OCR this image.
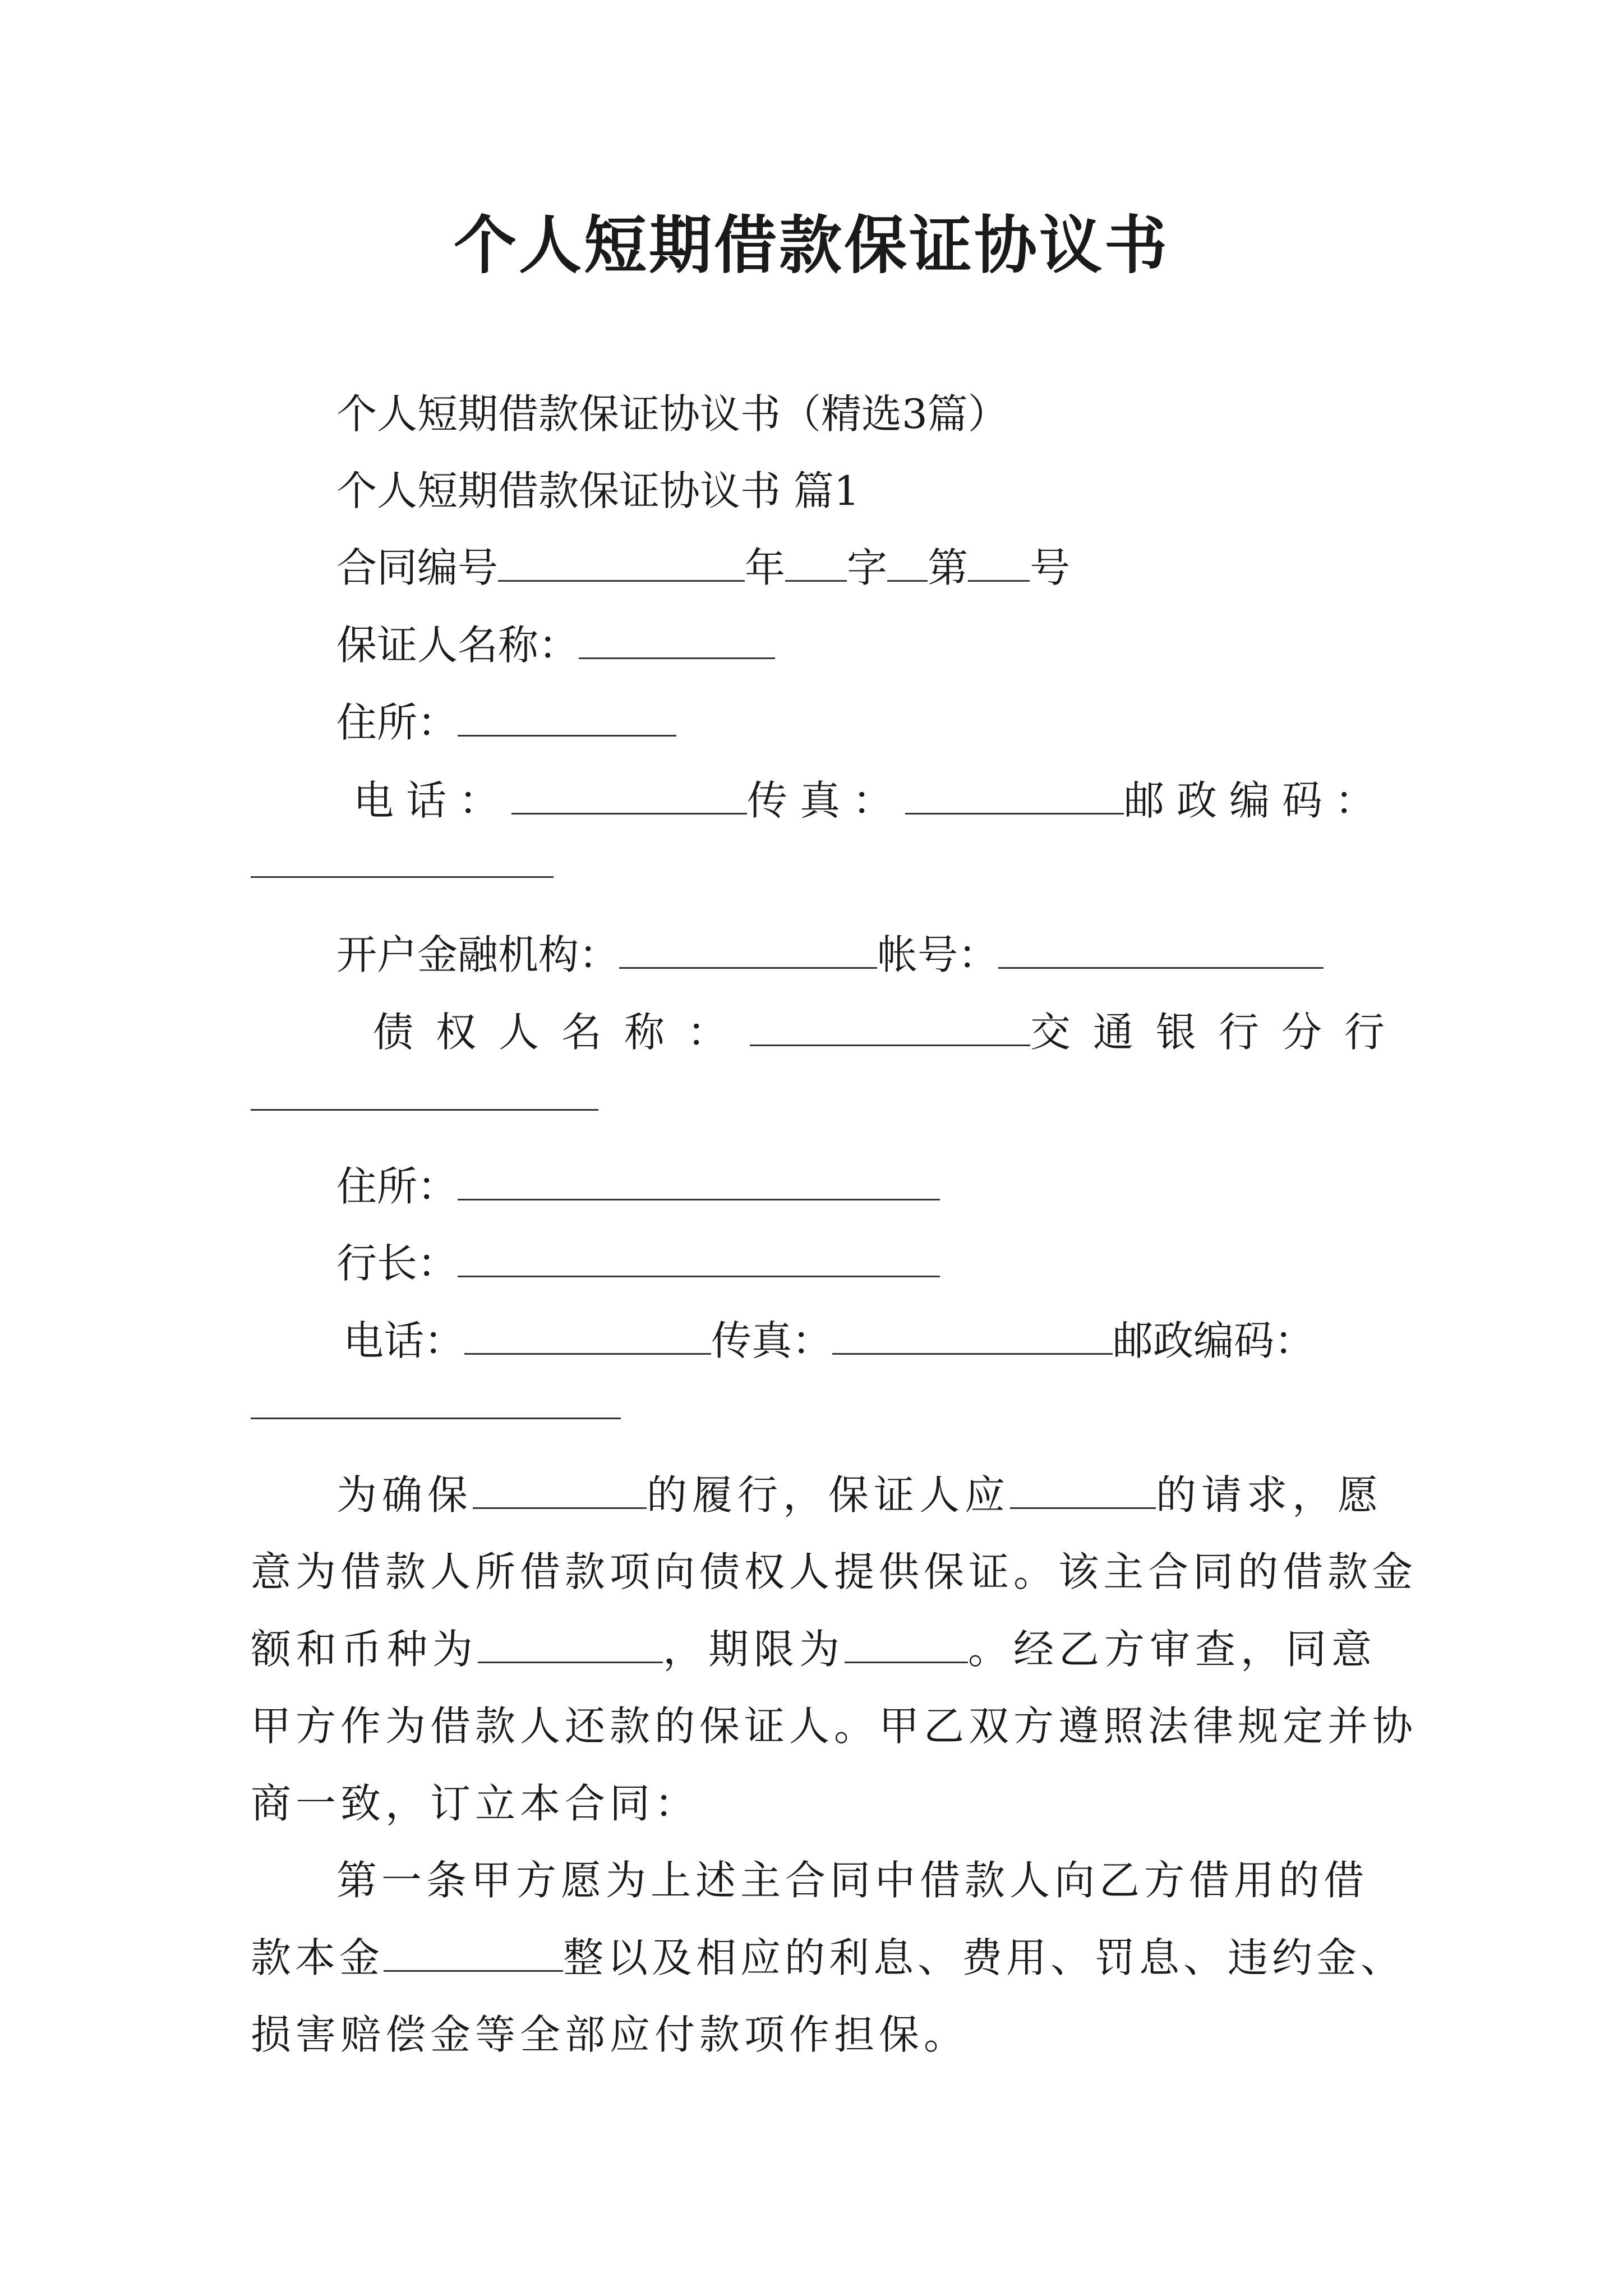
个人短期借款保证协议书
个人短期借款保证协议书（精选3篇）
个人短期借款保证协议书 篇1
合同编号	年 字 第 号
保证人名称：
住所：
电话：	传真：	邮政编码：
开户金融机构：	帐号：
债权人名称：	交通银行分行
住所：
行长：
电话：	传真：	邮政编码：
为确保	的履行，保证人应	的请求，愿
意为借款人所借款项向债权人提供保证。该主合同的借款金
额和币种为	，期限为	。经乙方审查，同意
甲方作为借款人还款的保证人。甲乙双方遵照法律规定并协
商一致，订立本合同：
第一条甲方愿为上述主合同中借款人向乙方借用的借
款本金	整以及相应的利息、费用、罚息、违约金、
损害赔偿金等全部应付款项作担保。
